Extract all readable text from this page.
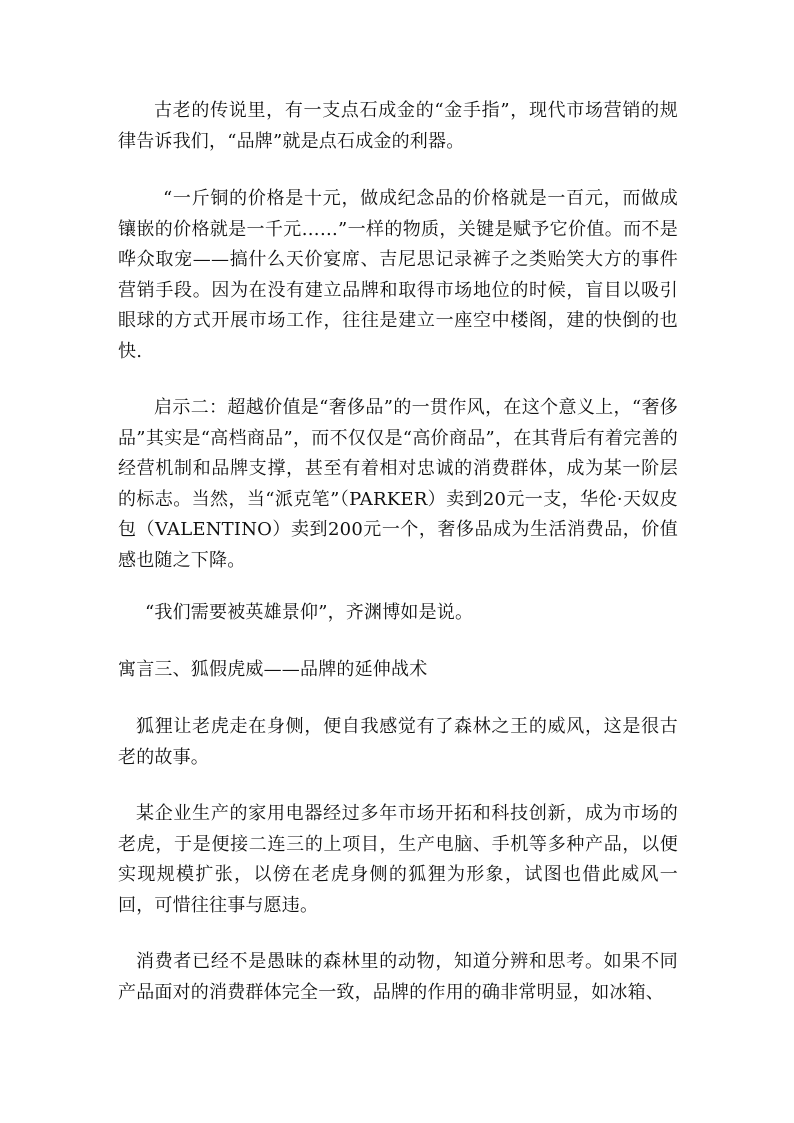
古老的传说里，有一支点石成金的“金手指”，现代市场营销的规律告诉我们，“品牌”就是点石成金的利器。

“一斤铜的价格是十元，做成纪念品的价格就是一百元，而做成镶嵌的价格就是一千元……”一样的物质，关键是赋予它价值。而不是哗众取宠——搞什么天价宴席、吉尼思记录裤子之类贻笑大方的事件营销手段。因为在没有建立品牌和取得市场地位的时候，盲目以吸引眼球的方式开展市场工作，往往是建立一座空中楼阁，建的快倒的也快.

启示二：超越价值是“奢侈品”的一贯作风，在这个意义上，“奢侈品”其实是“高档商品”，而不仅仅是“高价商品”，在其背后有着完善的经营机制和品牌支撑，甚至有着相对忠诚的消费群体，成为某一阶层的标志。当然，当“派克笔”（PARKER）卖到20元一支，华伦·天奴皮包（VALENTINO）卖到200元一个，奢侈品成为生活消费品，价值感也随之下降。

“我们需要被英雄景仰”，齐渊博如是说。

寓言三、狐假虎威——品牌的延伸战术

狐狸让老虎走在身侧，便自我感觉有了森林之王的威风，这是很古老的故事。

某企业生产的家用电器经过多年市场开拓和科技创新，成为市场的老虎，于是便接二连三的上项目，生产电脑、手机等多种产品，以便实现规模扩张，以傍在老虎身侧的狐狸为形象，试图也借此威风一回，可惜往往事与愿违。

消费者已经不是愚昧的森林里的动物，知道分辨和思考。如果不同产品面对的消费群体完全一致，品牌的作用的确非常明显，如冰箱、
